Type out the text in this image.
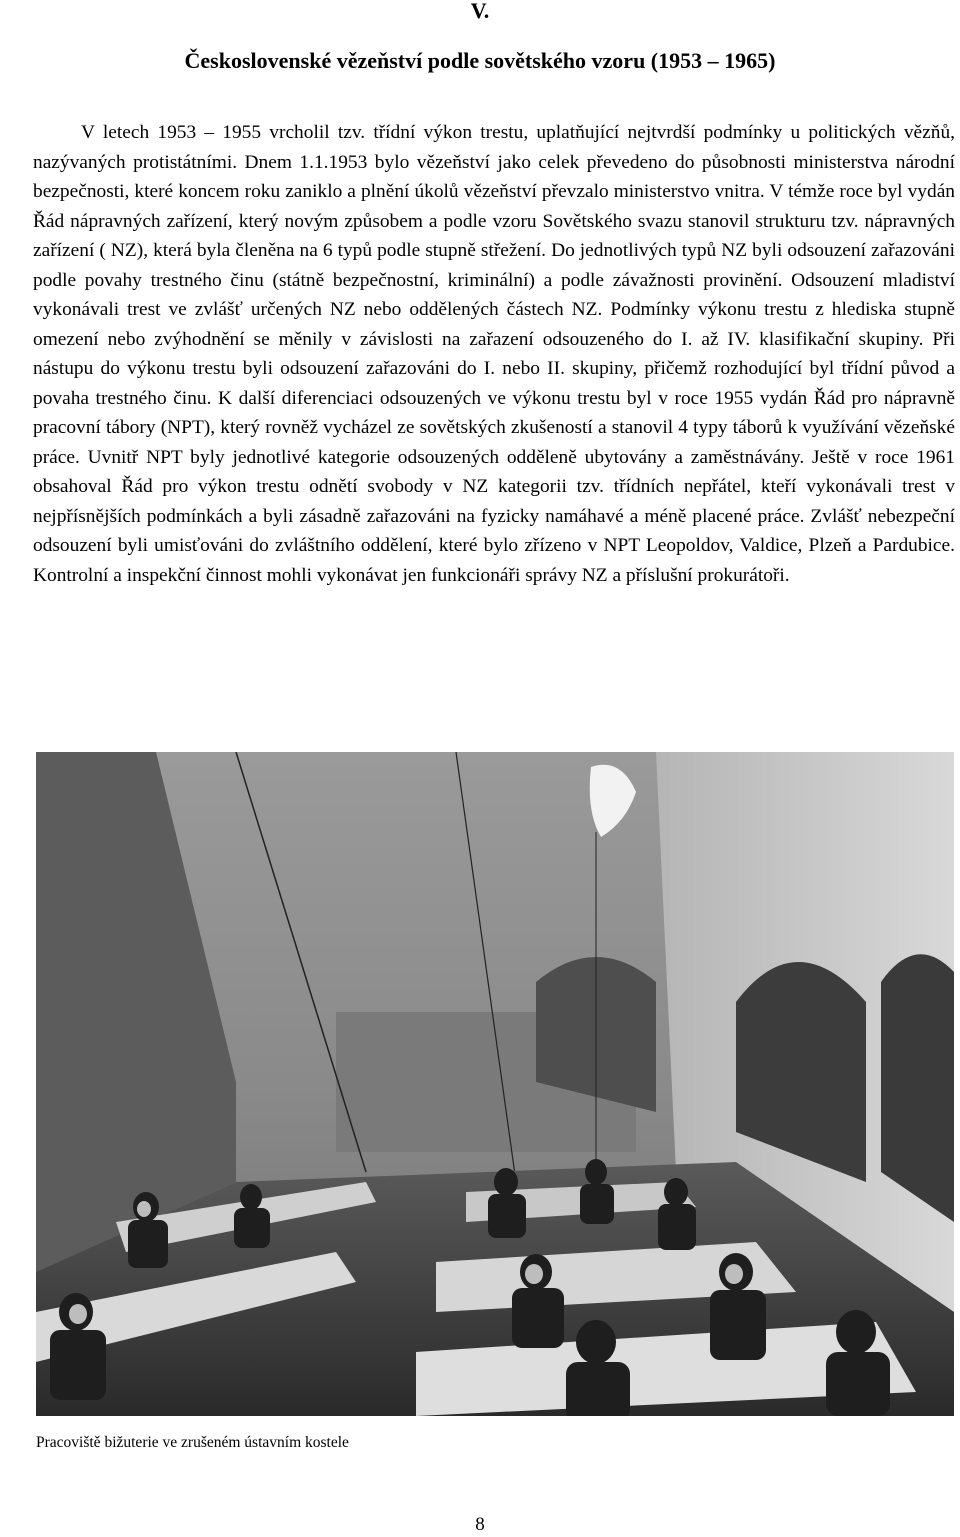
V.
Československé vězeňství podle sovětského vzoru (1953 – 1965)

V letech 1953 – 1955 vrcholil tzv. třídní výkon trestu, uplatňující nejtvrdší podmínky u politických vězňů, nazývaných protistátními. Dnem 1.1.1953 bylo vězeňství jako celek převedeno do působnosti ministerstva národní bezpečnosti, které koncem roku zaniklo a plnění úkolů vězeňství převzalo ministerstvo vnitra. V témže roce byl vydán Řád nápravných zařízení, který novým způsobem a podle vzoru Sovětského svazu stanovil strukturu tzv. nápravných zařízení ( NZ), která byla členěna na 6 typů podle stupně střežení. Do jednotlivých typů NZ byli odsouzení zařazováni podle povahy trestného činu (státně bezpečnostní, kriminální) a podle závažnosti provinění. Odsouzení mladiství vykonávali trest ve zvlášť určených NZ nebo oddělených částech NZ. Podmínky výkonu trestu z hlediska stupně omezení nebo zvýhodnění se měnily v závislosti na zařazení odsouzeného do I. až IV. klasifikační skupiny. Při nástupu do výkonu trestu byli odsouzení zařazováni do I. nebo II. skupiny, přičemž rozhodující byl třídní původ a povaha trestného činu. K další diferenciaci odsouzených ve výkonu trestu byl v roce 1955 vydán Řád pro nápravně pracovní tábory (NPT), který rovněž vycházel ze sovětských zkušeností a stanovil 4 typy táborů k využívání vězeňské práce. Uvnitř NPT byly jednotlivé kategorie odsouzených odděleně ubytovány a zaměstnávány. Ještě v roce 1961 obsahoval Řád pro výkon trestu odnětí svobody v NZ kategorii tzv. třídních nepřátel, kteří vykonávali trest v nejpřísnějších podmínkách a byli zásadně zařazováni na fyzicky namáhavé a méně placené práce. Zvlášť nebezpeční odsouzení byli umisťováni do zvláštního oddělení, které bylo zřízeno v NPT Leopoldov, Valdice, Plzeň a Pardubice. Kontrolní a inspekční činnost mohli vykonávat jen funkcionáři správy NZ a příslušní prokurátoři.

Pracoviště bižuterie ve zrušeném ústavním kostele

8
